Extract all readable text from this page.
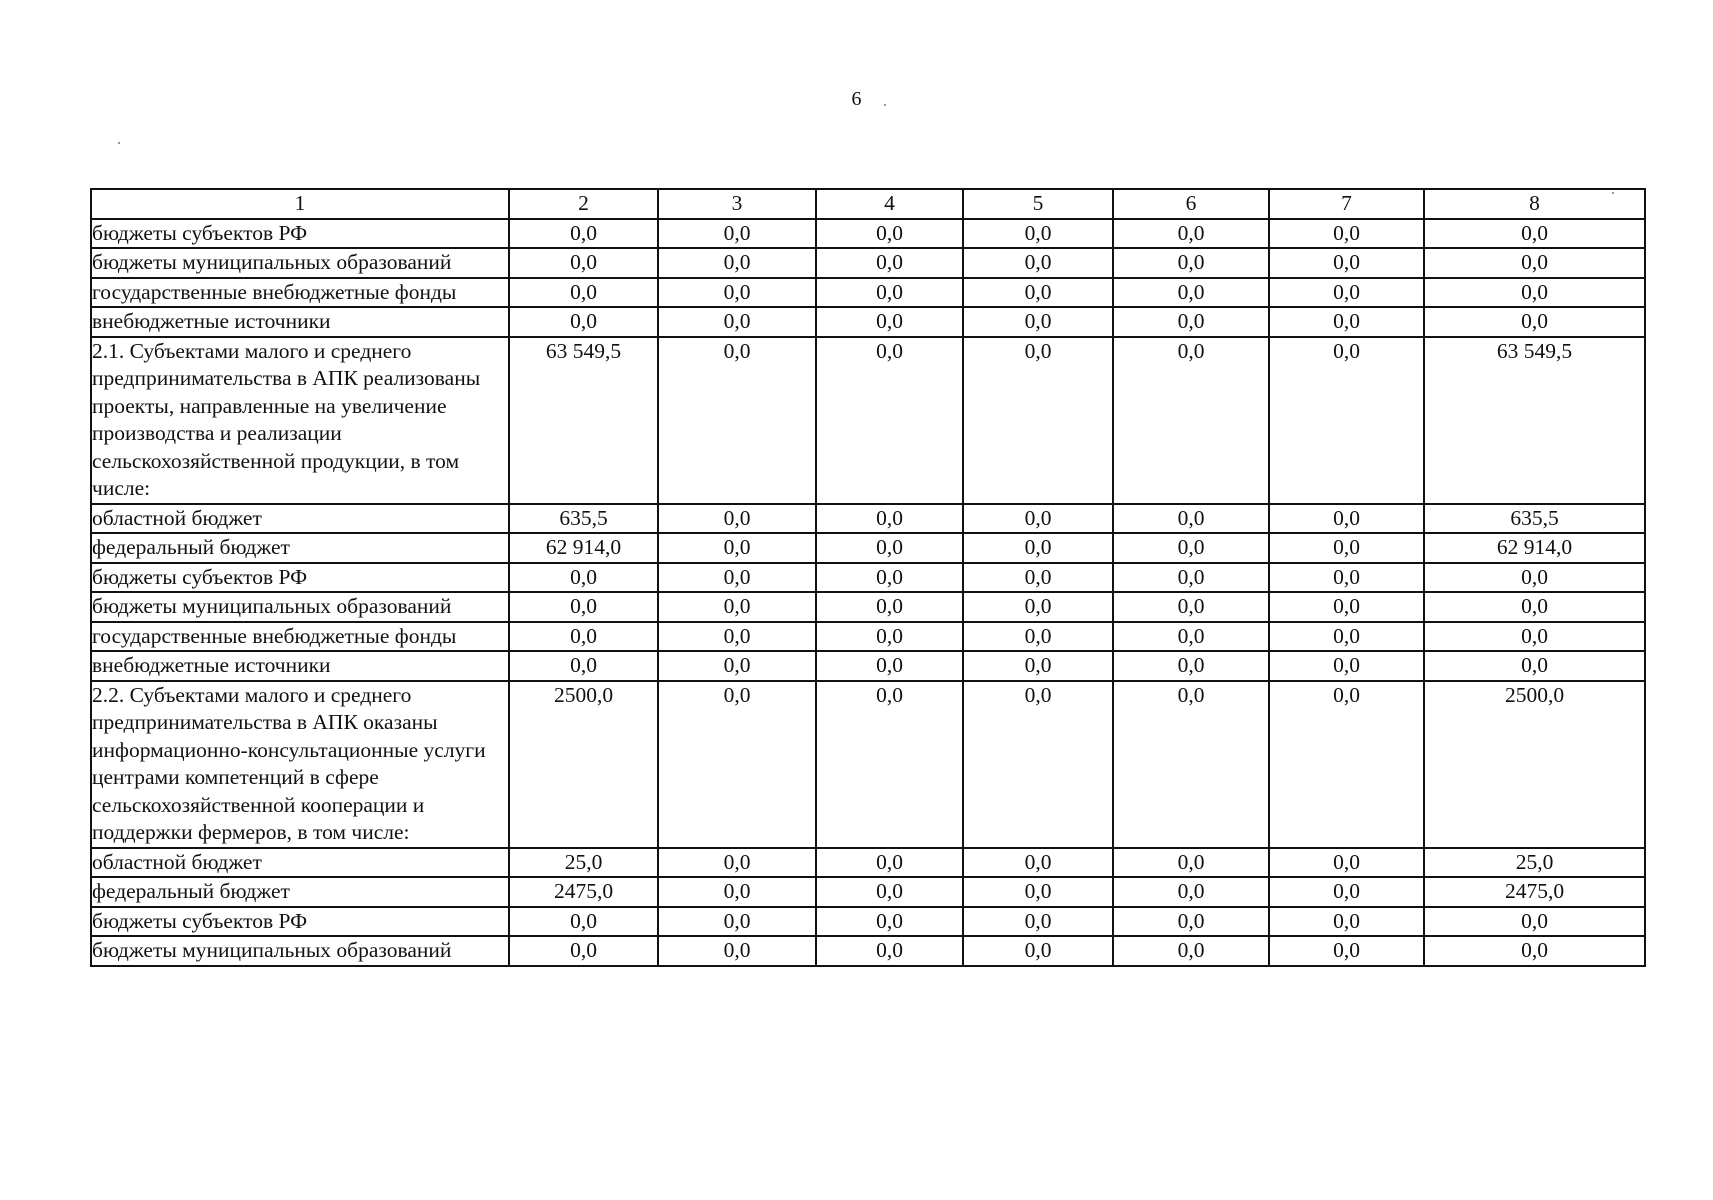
6
1	2	3	4	5	6	7	8
бюджеты субъектов РФ	0,0	0,0	0,0	0,0	0,0	0,0	0,0
бюджеты муниципальных образований	0,0	0,0	0,0	0,0	0,0	0,0	0,0
государственные внебюджетные фонды	0,0	0,0	0,0	0,0	0,0	0,0	0,0
внебюджетные источники	0,0	0,0	0,0	0,0	0,0	0,0	0,0
2.1. Субъектами малого и среднего предпринимательства в АПК реализованы проекты, направленные на увеличение производства и реализации сельскохозяйственной продукции, в том числе:	63 549,5	0,0	0,0	0,0	0,0	0,0	63 549,5
областной бюджет	635,5	0,0	0,0	0,0	0,0	0,0	635,5
федеральный бюджет	62 914,0	0,0	0,0	0,0	0,0	0,0	62 914,0
бюджеты субъектов РФ	0,0	0,0	0,0	0,0	0,0	0,0	0,0
бюджеты муниципальных образований	0,0	0,0	0,0	0,0	0,0	0,0	0,0
государственные внебюджетные фонды	0,0	0,0	0,0	0,0	0,0	0,0	0,0
внебюджетные источники	0,0	0,0	0,0	0,0	0,0	0,0	0,0
2.2. Субъектами малого и среднего предпринимательства в АПК оказаны информационно-консультационные услуги центрами компетенций в сфере сельскохозяйственной кооперации и поддержки фермеров, в том числе:	2500,0	0,0	0,0	0,0	0,0	0,0	2500,0
областной бюджет	25,0	0,0	0,0	0,0	0,0	0,0	25,0
федеральный бюджет	2475,0	0,0	0,0	0,0	0,0	0,0	2475,0
бюджеты субъектов РФ	0,0	0,0	0,0	0,0	0,0	0,0	0,0
бюджеты муниципальных образований	0,0	0,0	0,0	0,0	0,0	0,0	0,0
